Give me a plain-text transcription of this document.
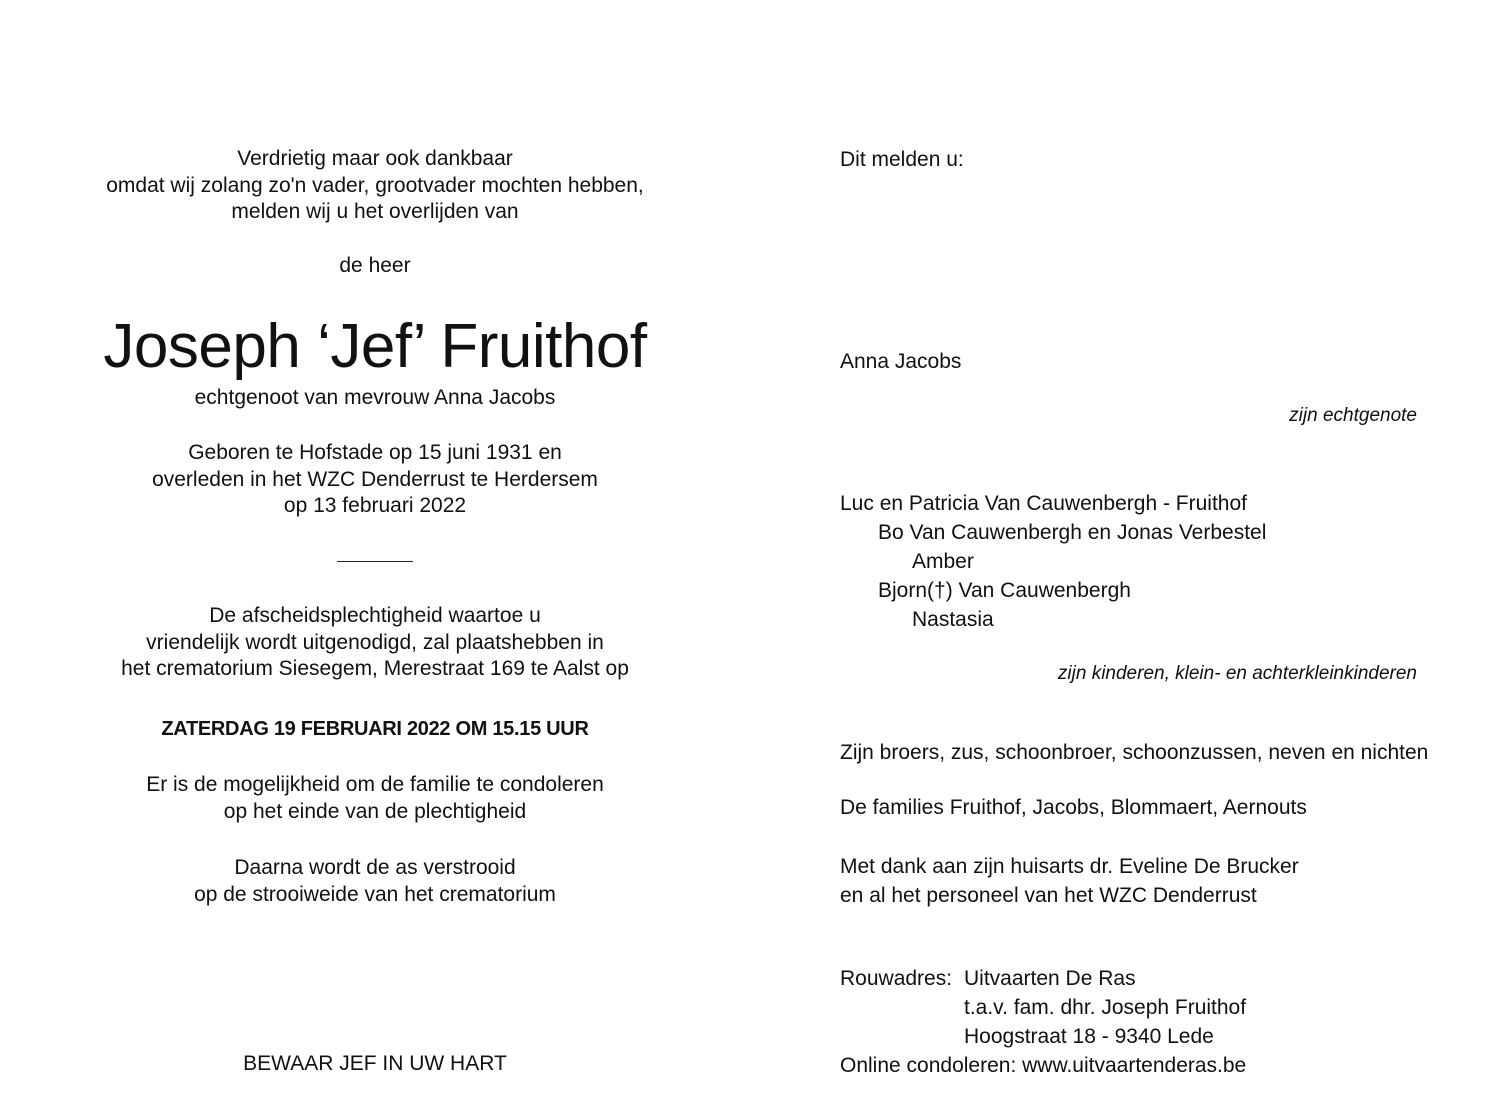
Verdrietig maar ook dankbaar
omdat wij zolang zo'n vader, grootvader mochten hebben,
melden wij u het overlijden van
de heer
Joseph ‘Jef’ Fruithof
echtgenoot van mevrouw Anna Jacobs
Geboren te Hofstade op 15 juni 1931 en
overleden in het WZC Denderrust te Herdersem
op 13 februari 2022
De afscheidsplechtigheid waartoe u
vriendelijk wordt uitgenodigd, zal plaatshebben in
het crematorium Siesegem, Merestraat 169 te Aalst op
ZATERDAG 19 FEBRUARI 2022 OM 15.15 UUR
Er is de mogelijkheid om de familie te condoleren
op het einde van de plechtigheid
Daarna wordt de as verstrooid
op de strooiweide van het crematorium
BEWAAR JEF IN UW HART
Dit melden u:
Anna Jacobs
zijn echtgenote
Luc en Patricia Van Cauwenbergh - Fruithof
Bo Van Cauwenbergh en Jonas Verbestel
Amber
Bjorn(†) Van Cauwenbergh
Nastasia
zijn kinderen, klein- en achterkleinkinderen
Zijn broers, zus, schoonbroer, schoonzussen, neven en nichten
De families Fruithof, Jacobs, Blommaert, Aernouts
Met dank aan zijn huisarts dr. Eveline De Brucker
en al het personeel van het WZC Denderrust
Rouwadres: Uitvaarten De Ras
t.a.v. fam. dhr. Joseph Fruithof
Hoogstraat 18 - 9340 Lede
Online condoleren: www.uitvaartenderas.be
